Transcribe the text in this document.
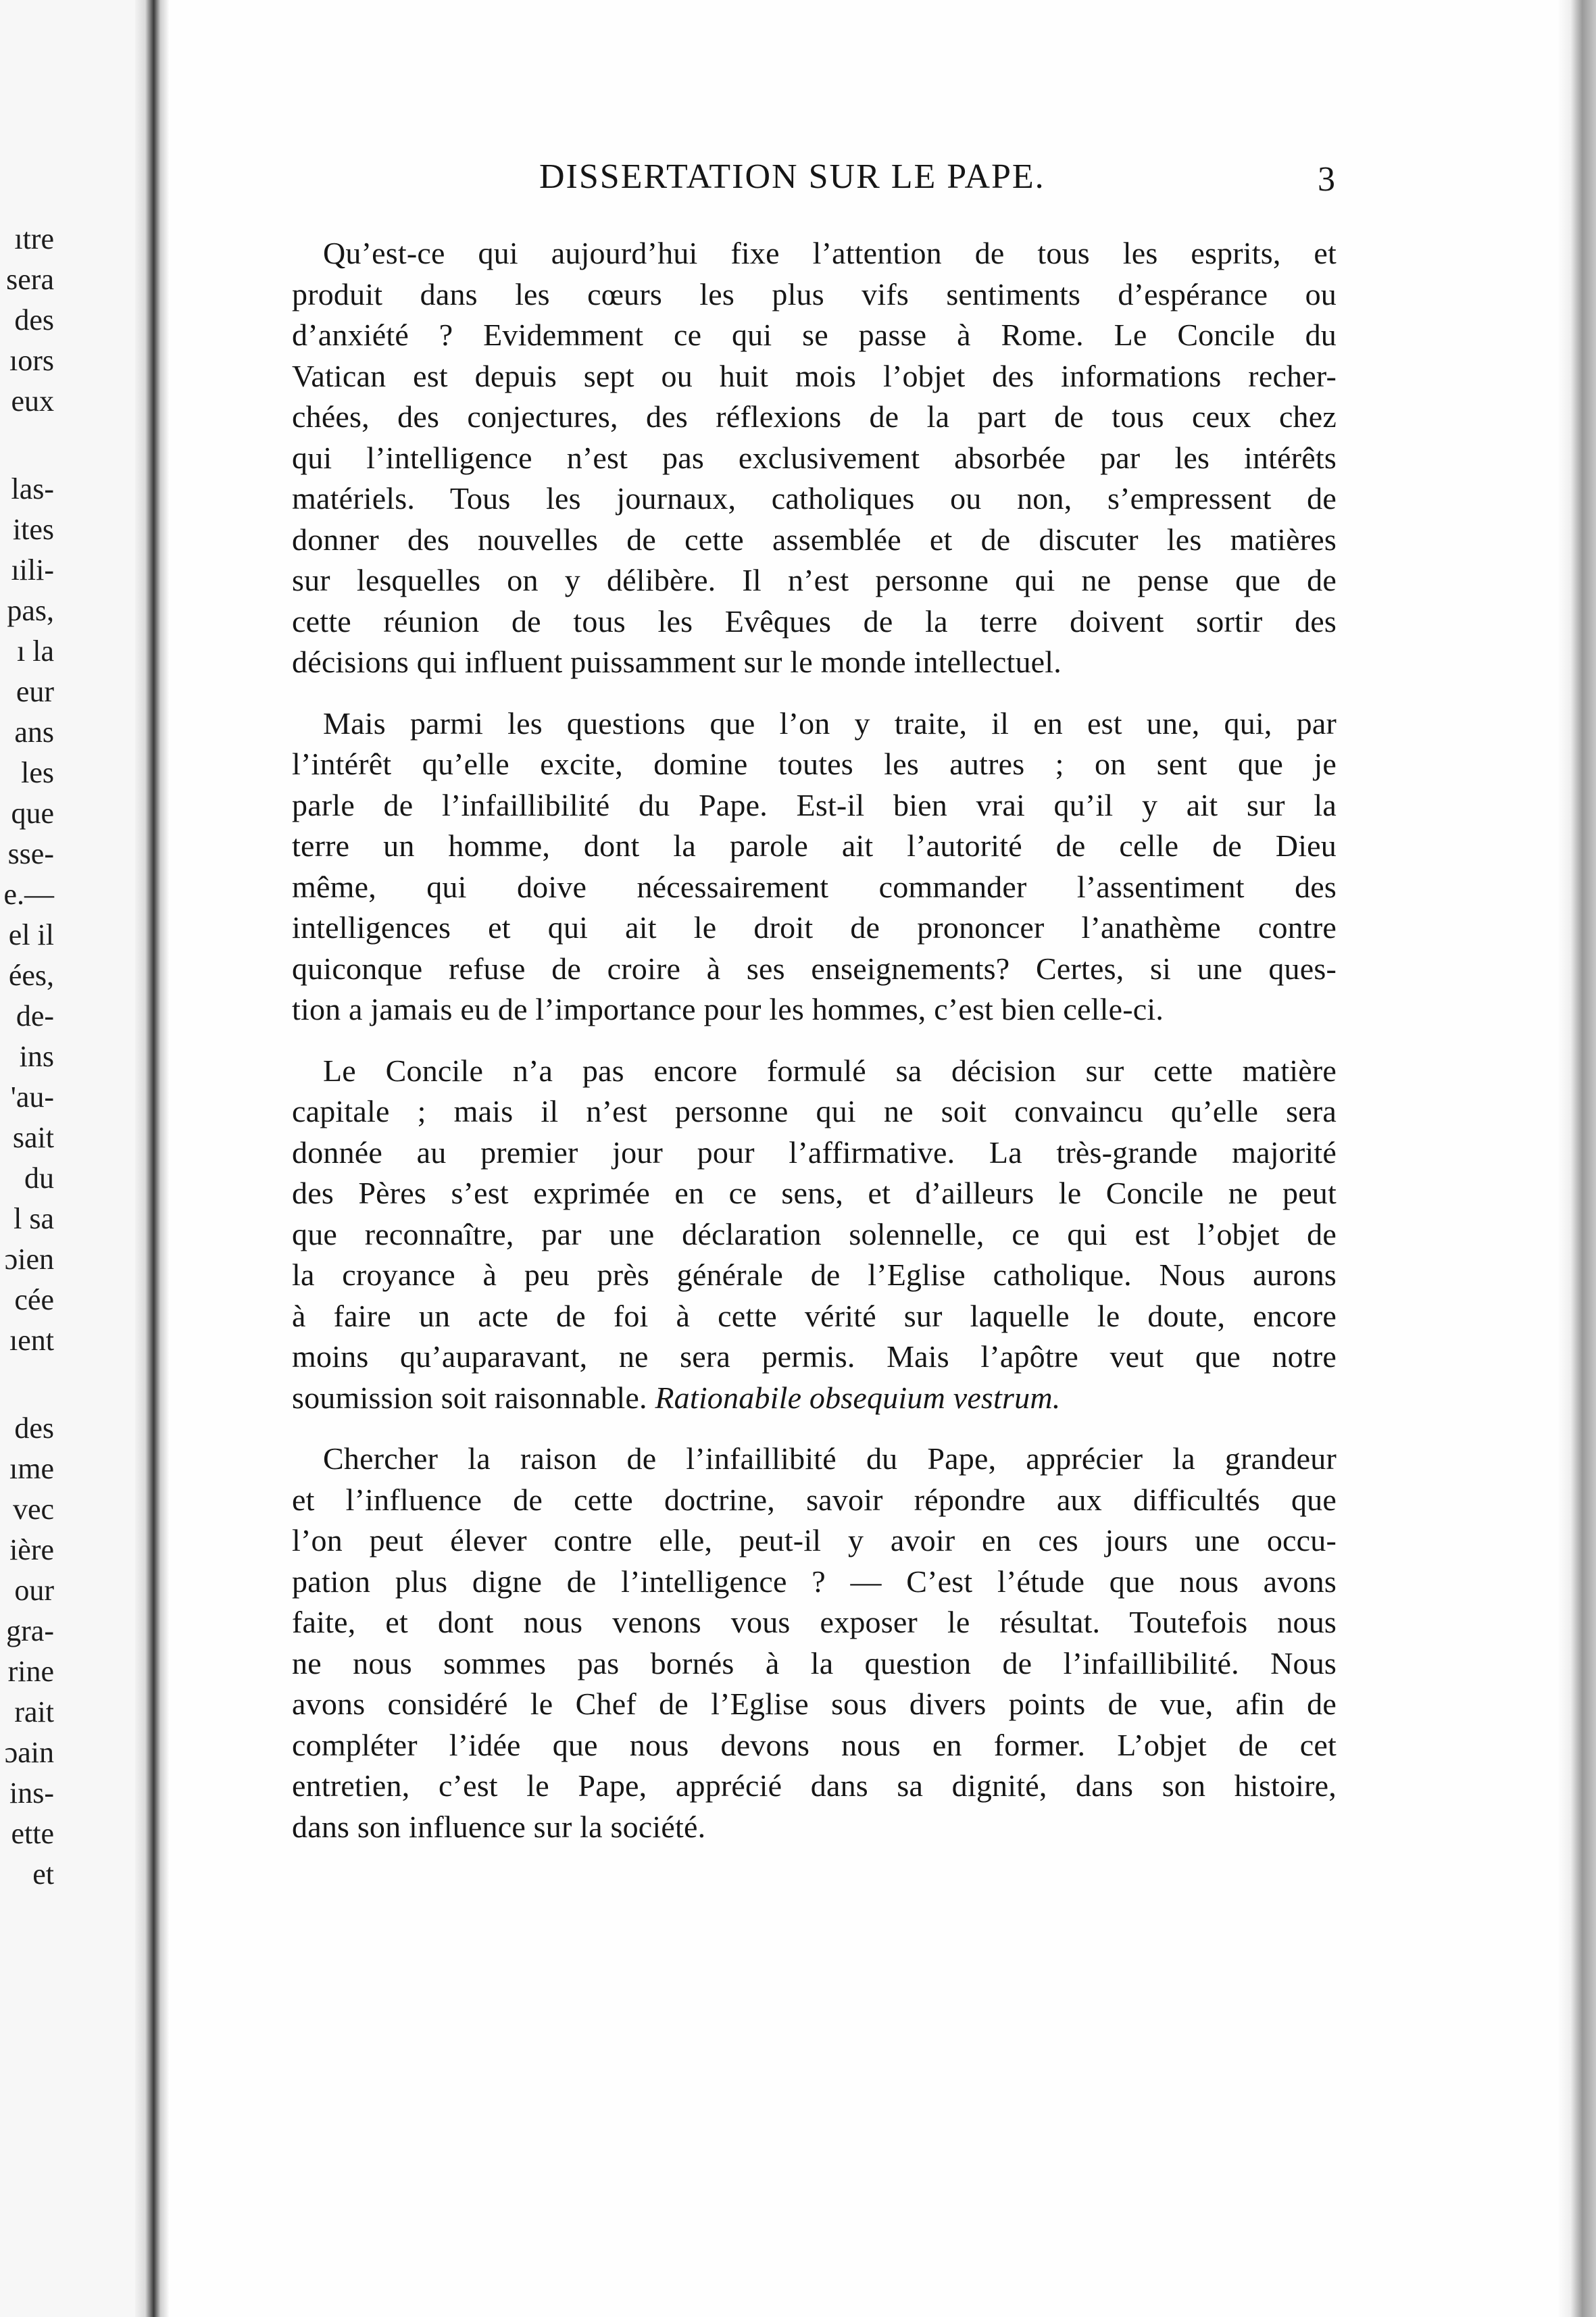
ıtre
sera
des
ıors
eux
las-
ites
ıili-
pas,
ı la
eur
ans
les
que
sse-
e.—
el il
ées,
de-
ins
'au-
sait
du
l sa
ɔien
cée
ıent
des
ıme
vec
ière
our
gra-
rine
rait
ɔain
ins-
ette
et
DISSERTATION SUR LE PAPE.	3
Qu’est-ce qui aujourd’hui fixe l’attention de tous les esprits, et
produit dans les cœurs les plus vifs sentiments d’espérance ou
d’anxiété ? Evidemment ce qui se passe à Rome. Le Concile du
Vatican est depuis sept ou huit mois l’objet des informations recher-
chées, des conjectures, des réflexions de la part de tous ceux chez
qui l’intelligence n’est pas exclusivement absorbée par les intérêts
matériels. Tous les journaux, catholiques ou non, s’empressent de
donner des nouvelles de cette assemblée et de discuter les matières
sur lesquelles on y délibère. Il n’est personne qui ne pense que de
cette réunion de tous les Evêques de la terre doivent sortir des
décisions qui influent puissamment sur le monde intellectuel.
Mais parmi les questions que l’on y traite, il en est une, qui, par
l’intérêt qu’elle excite, domine toutes les autres ; on sent que je
parle de l’infaillibilité du Pape. Est-il bien vrai qu’il y ait sur la
terre un homme, dont la parole ait l’autorité de celle de Dieu
même, qui doive nécessairement commander l’assentiment des
intelligences et qui ait le droit de prononcer l’anathème contre
quiconque refuse de croire à ses enseignements? Certes, si une ques-
tion a jamais eu de l’importance pour les hommes, c’est bien celle-ci.
Le Concile n’a pas encore formulé sa décision sur cette matière
capitale ; mais il n’est personne qui ne soit convaincu qu’elle sera
donnée au premier jour pour l’affirmative. La très-grande majorité
des Pères s’est exprimée en ce sens, et d’ailleurs le Concile ne peut
que reconnaître, par une déclaration solennelle, ce qui est l’objet de
la croyance à peu près générale de l’Eglise catholique. Nous aurons
à faire un acte de foi à cette vérité sur laquelle le doute, encore
moins qu’auparavant, ne sera permis. Mais l’apôtre veut que notre
soumission soit raisonnable. Rationabile obsequium vestrum.
Chercher la raison de l’infaillibité du Pape, apprécier la grandeur
et l’influence de cette doctrine, savoir répondre aux difficultés que
l’on peut élever contre elle, peut-il y avoir en ces jours une occu-
pation plus digne de l’intelligence ? — C’est l’étude que nous avons
faite, et dont nous venons vous exposer le résultat. Toutefois nous
ne nous sommes pas bornés à la question de l’infaillibilité. Nous
avons considéré le Chef de l’Eglise sous divers points de vue, afin de
compléter l’idée que nous devons nous en former. L’objet de cet
entretien, c’est le Pape, apprécié dans sa dignité, dans son histoire,
dans son influence sur la société.
